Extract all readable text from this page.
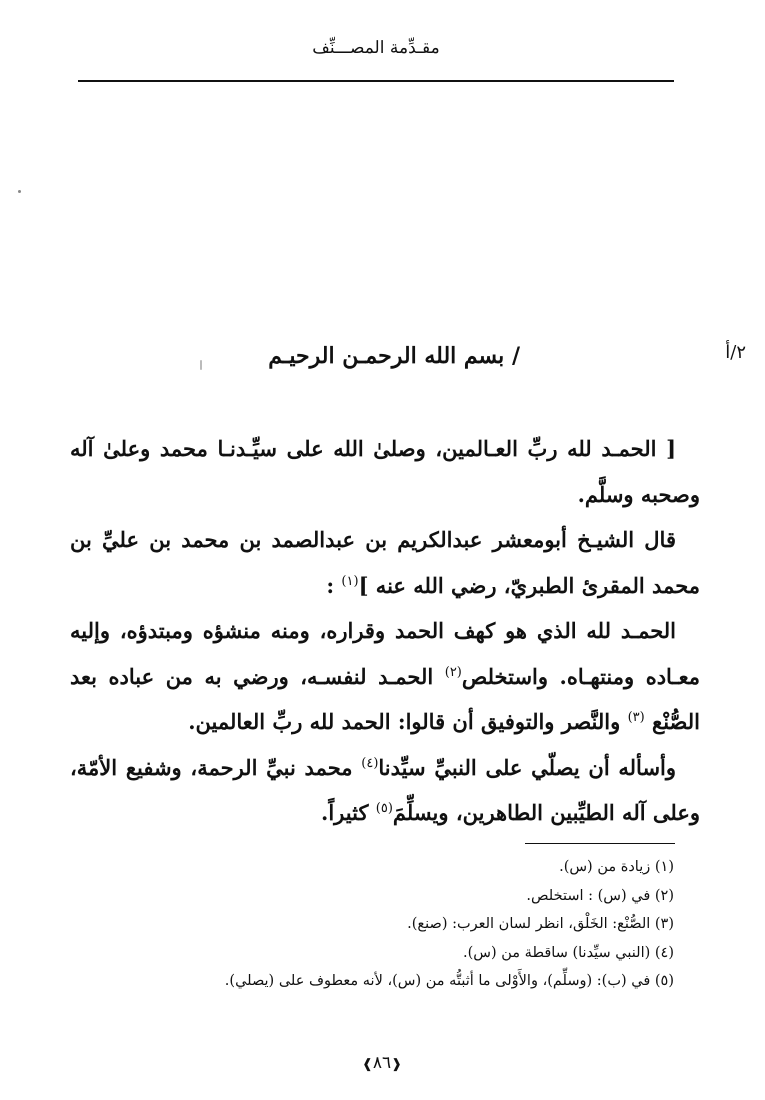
مقـدِّمة المصـــنِّف
٢/أ
/ بسم الله الرحمـن الرحيـم

[ الحمـد لله ربِّ العـالمين، وصلىٰ الله على سيِّـدنـا محمد وعلىٰ آله وصحبه وسلَّم.

قال الشيـخ أبومعشر عبدالكريم بن عبدالصمد بن محمد بن عليِّ بن محمد المقرئ الطبريّ، رضي الله عنه ]$^{(١)}$ :

الحمـد لله الذي هو كهف الحمد وقراره، ومنه منشؤه ومبتدؤه، وإليه معـاده ومنتهـاه. واستخلص$^{(٢)}$ الحمـد لنفسـه، ورضي به من عباده بعد الصُّنْع $^{(٣)}$ والنَّصر والتوفيق أن قالوا: الحمد لله ربِّ العالمين.

وأسأله أن يصلّي على النبيِّ سيِّدنا$^{(٤)}$ محمد نبيِّ الرحمة، وشفيع الأمّة، وعلى آله الطيِّبين الطاهرين، ويسلِّمَ$^{(٥)}$ كثيراً.

(١) زيادة من (س).
(٢) في (س) : استخلص.
(٣) الصُّنْع: الخَلْق، انظر لسان العرب: (صنع).
(٤) (النبي سيِّدنا) ساقطة من (س).
(٥) في (ب): (وسلِّم)، والأَوْلى ما أثبتُّه من (س)، لأنه معطوف على (يصلي).
❰٨٦❱
